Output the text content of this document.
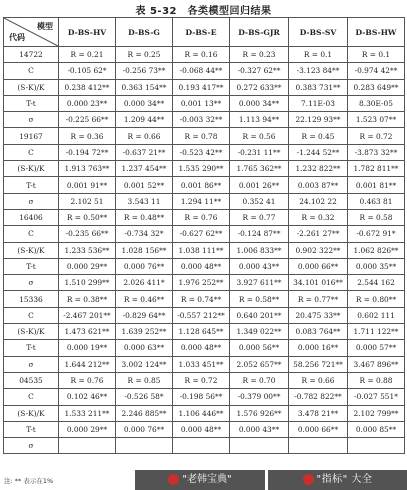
表 5-32　各类模型回归结果
模型
代码	D-BS-HV	D-BS-G	D-BS-E	D-BS-GJR	D-BS-SV	D-BS-HW
14722	R = 0.21	R = 0.25	R = 0.16	R = 0.23	R = 0.1	R = 0.1
C	-0.105 62*	-0.256 73**	-0.068 44**	-0.327 62**	-3.123 84**	-0.974 42**
(S-K)/K	0.238 412**	0.363 154**	0.193 417**	0.272 633**	0.383 731**	0.283 649**
T-t	0.000 23**	0.000 34**	0.001 13**	0.000 34**	7.11E-03	8.30E-05
σ	-0.225 66**	1.209 44**	-0.003 32**	1.113 94**	22.129 93**	1.523 07**
19167	R = 0.36	R = 0.66	R = 0.78	R = 0.56	R = 0.45	R = 0.72
C	-0.194 72**	-0.637 21**	-0.523 42**	-0.231 11**	-1.244 52**	-3.873 32**
(S-K)/K	1.913 763**	1.237 454**	1.535 290**	1.765 362**	1.232 822**	1.782 811**
T-t	0.001 91**	0.001 52**	0.001 86**	0.001 26**	0.003 87**	0.001 81**
σ	2.102 51	3.543 11	1.294 11**	0.352 41	24.102 22	0.463 81
16406	R = 0.50**	R = 0.48**	R = 0.76	R = 0.77	R = 0.32	R = 0.58
C	-0.235 66**	-0.734 32*	-0.627 62**	-0.124 87**	-2.261 27**	-0.672 91*
(S-K)/K	1.233 536**	1.028 156**	1.038 111**	1.006 833**	0.902 322**	1.062 826**
T-t	0.000 29**	0.000 76**	0.000 48**	0.000 43**	0.000 66**	0.000 35**
σ	1.510 299**	2.026 411*	1.976 252**	3.927 611**	34.101 016**	2.544 162
15336	R = 0.38**	R = 0.46**	R = 0.74**	R = 0.58**	R = 0.77**	R = 0.80**
C	-2.467 201**	-0.829 64**	-0.557 212**	0.640 201**	20.475 33**	0.602 111
(S-K)/K	1.473 621**	1.639 252**	1.128 645**	1.349 022**	0.083 764**	1.711 122**
T-t	0.000 19**	0.000 63**	0.000 48**	0.000 56**	0.000 16**	0.000 57**
σ	1.644 212**	3.002 124**	1.033 451**	2.052 657**	58.256 721**	3.467 896**
04535	R = 0.76	R = 0.85	R = 0.72	R = 0.70	R = 0.66	R = 0.88
C	0.102 46**	-0.526 58*	-0.198 56**	-0.379 00**	-0.782 822**	-0.027 551*
(S-K)/K	1.533 211**	2.246 885**	1.106 446**	1.576 926**	3.478 21**	2.102 799**
T-t	0.000 29**	0.000 76**	0.000 48**	0.000 43**	0.000 66**	0.000 85**
σ						
注: ** 表示在1%	"老韩宝典"	"指标" 大全
